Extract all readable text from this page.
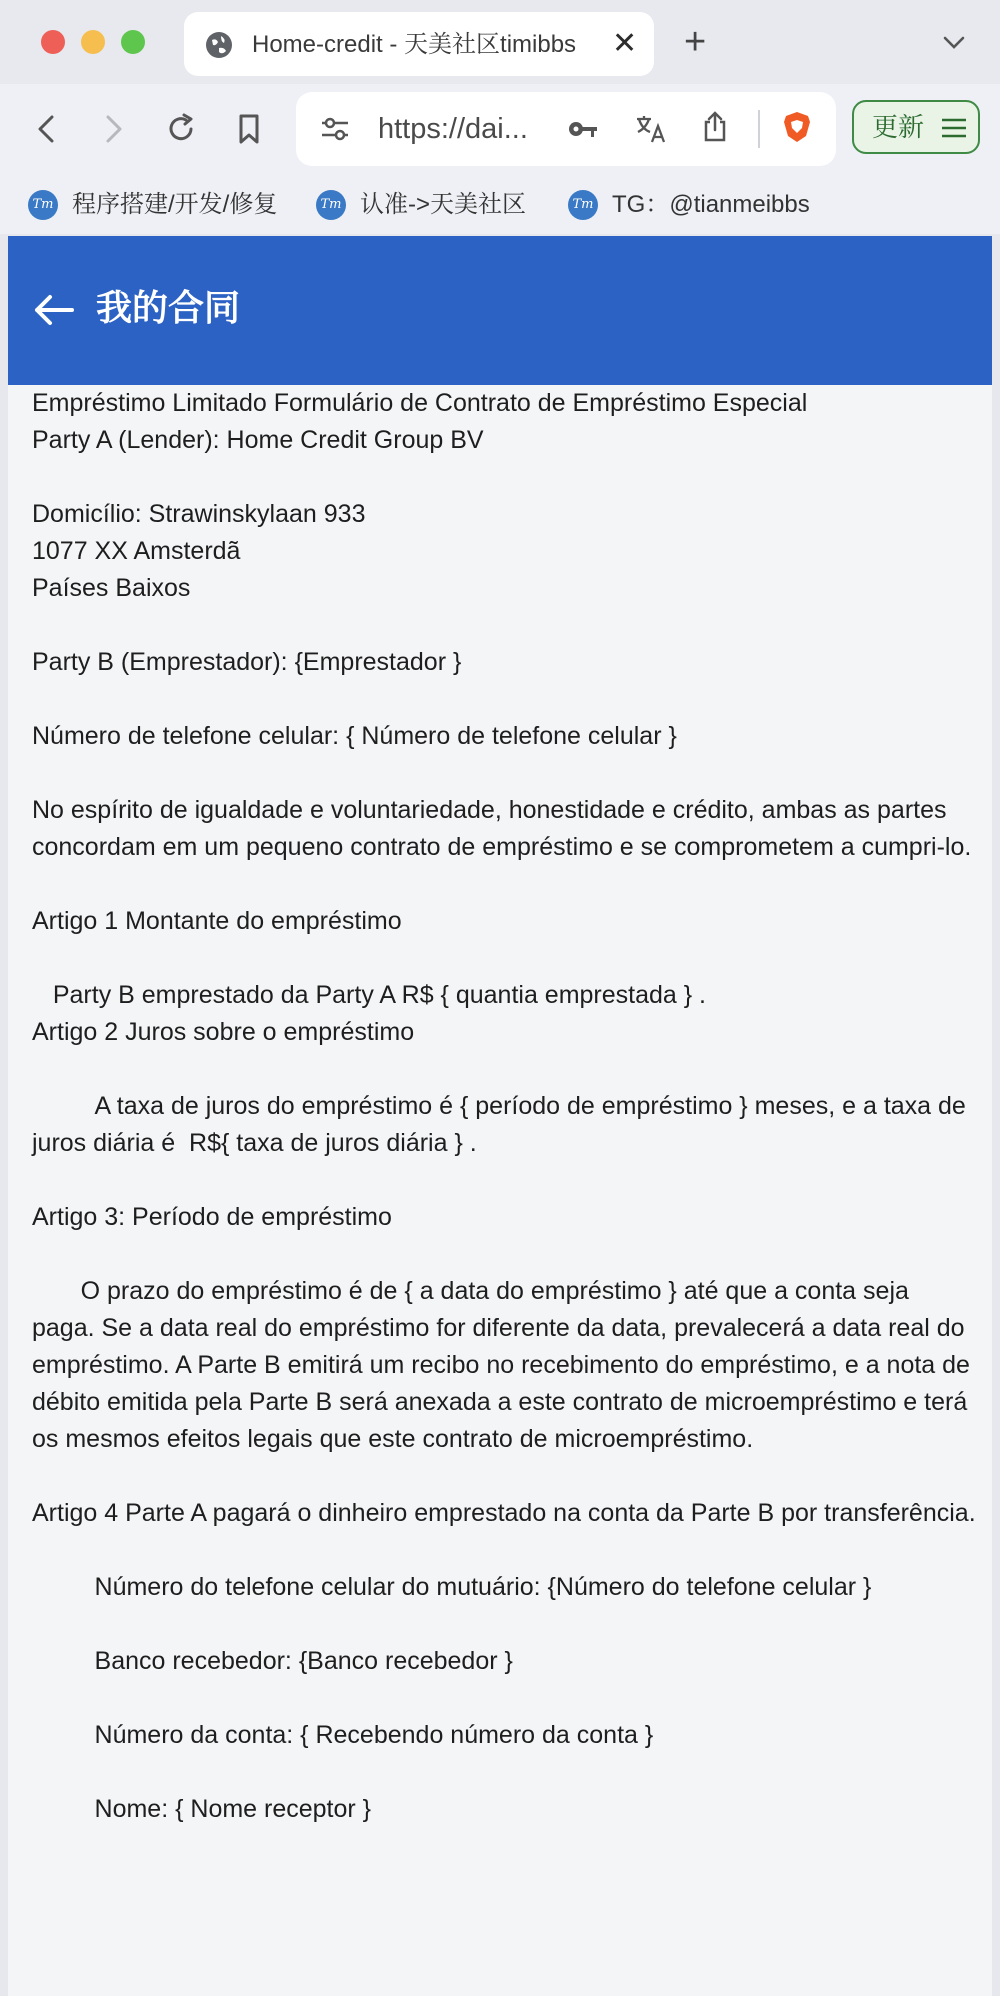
Home-credit - 天美社区timibbs	✕ +
https://dai...	更新
Tm 程序搭建/开发/修复	Tm 认准->天美社区	Tm TG：@tianmeibbs
我的合同

Empréstimo Limitado Formulário de Contrato de Empréstimo Especial

Party A (Lender): Home Credit Group BV

Domicílio: Strawinskylaan 933

1077 XX Amsterdã

Países Baixos

Party B (Emprestador): {Emprestador }

Número de telefone celular: { Número de telefone celular }

No espírito de igualdade e voluntariedade, honestidade e crédito, ambas as partes concordam em um pequeno contrato de empréstimo e se comprometem a cumpri-lo.

Artigo 1 Montante do empréstimo

Party B emprestado da Party A R$ { quantia emprestada } .

Artigo 2 Juros sobre o empréstimo

A taxa de juros do empréstimo é { período de empréstimo } meses, e a taxa de juros diária é  R${ taxa de juros diária } .

Artigo 3: Período de empréstimo

O prazo do empréstimo é de { a data do empréstimo } até que a conta seja paga. Se a data real do empréstimo for diferente da data, prevalecerá a data real do empréstimo. A Parte B emitirá um recibo no recebimento do empréstimo, e a nota de débito emitida pela Parte B será anexada a este contrato de microempréstimo e terá os mesmos efeitos legais que este contrato de microempréstimo.

Artigo 4 Parte A pagará o dinheiro emprestado na conta da Parte B por transferência.

Número do telefone celular do mutuário: {Número do telefone celular }

Banco recebedor: {Banco recebedor }

Número da conta: { Recebendo número da conta }

Nome: { Nome receptor }
